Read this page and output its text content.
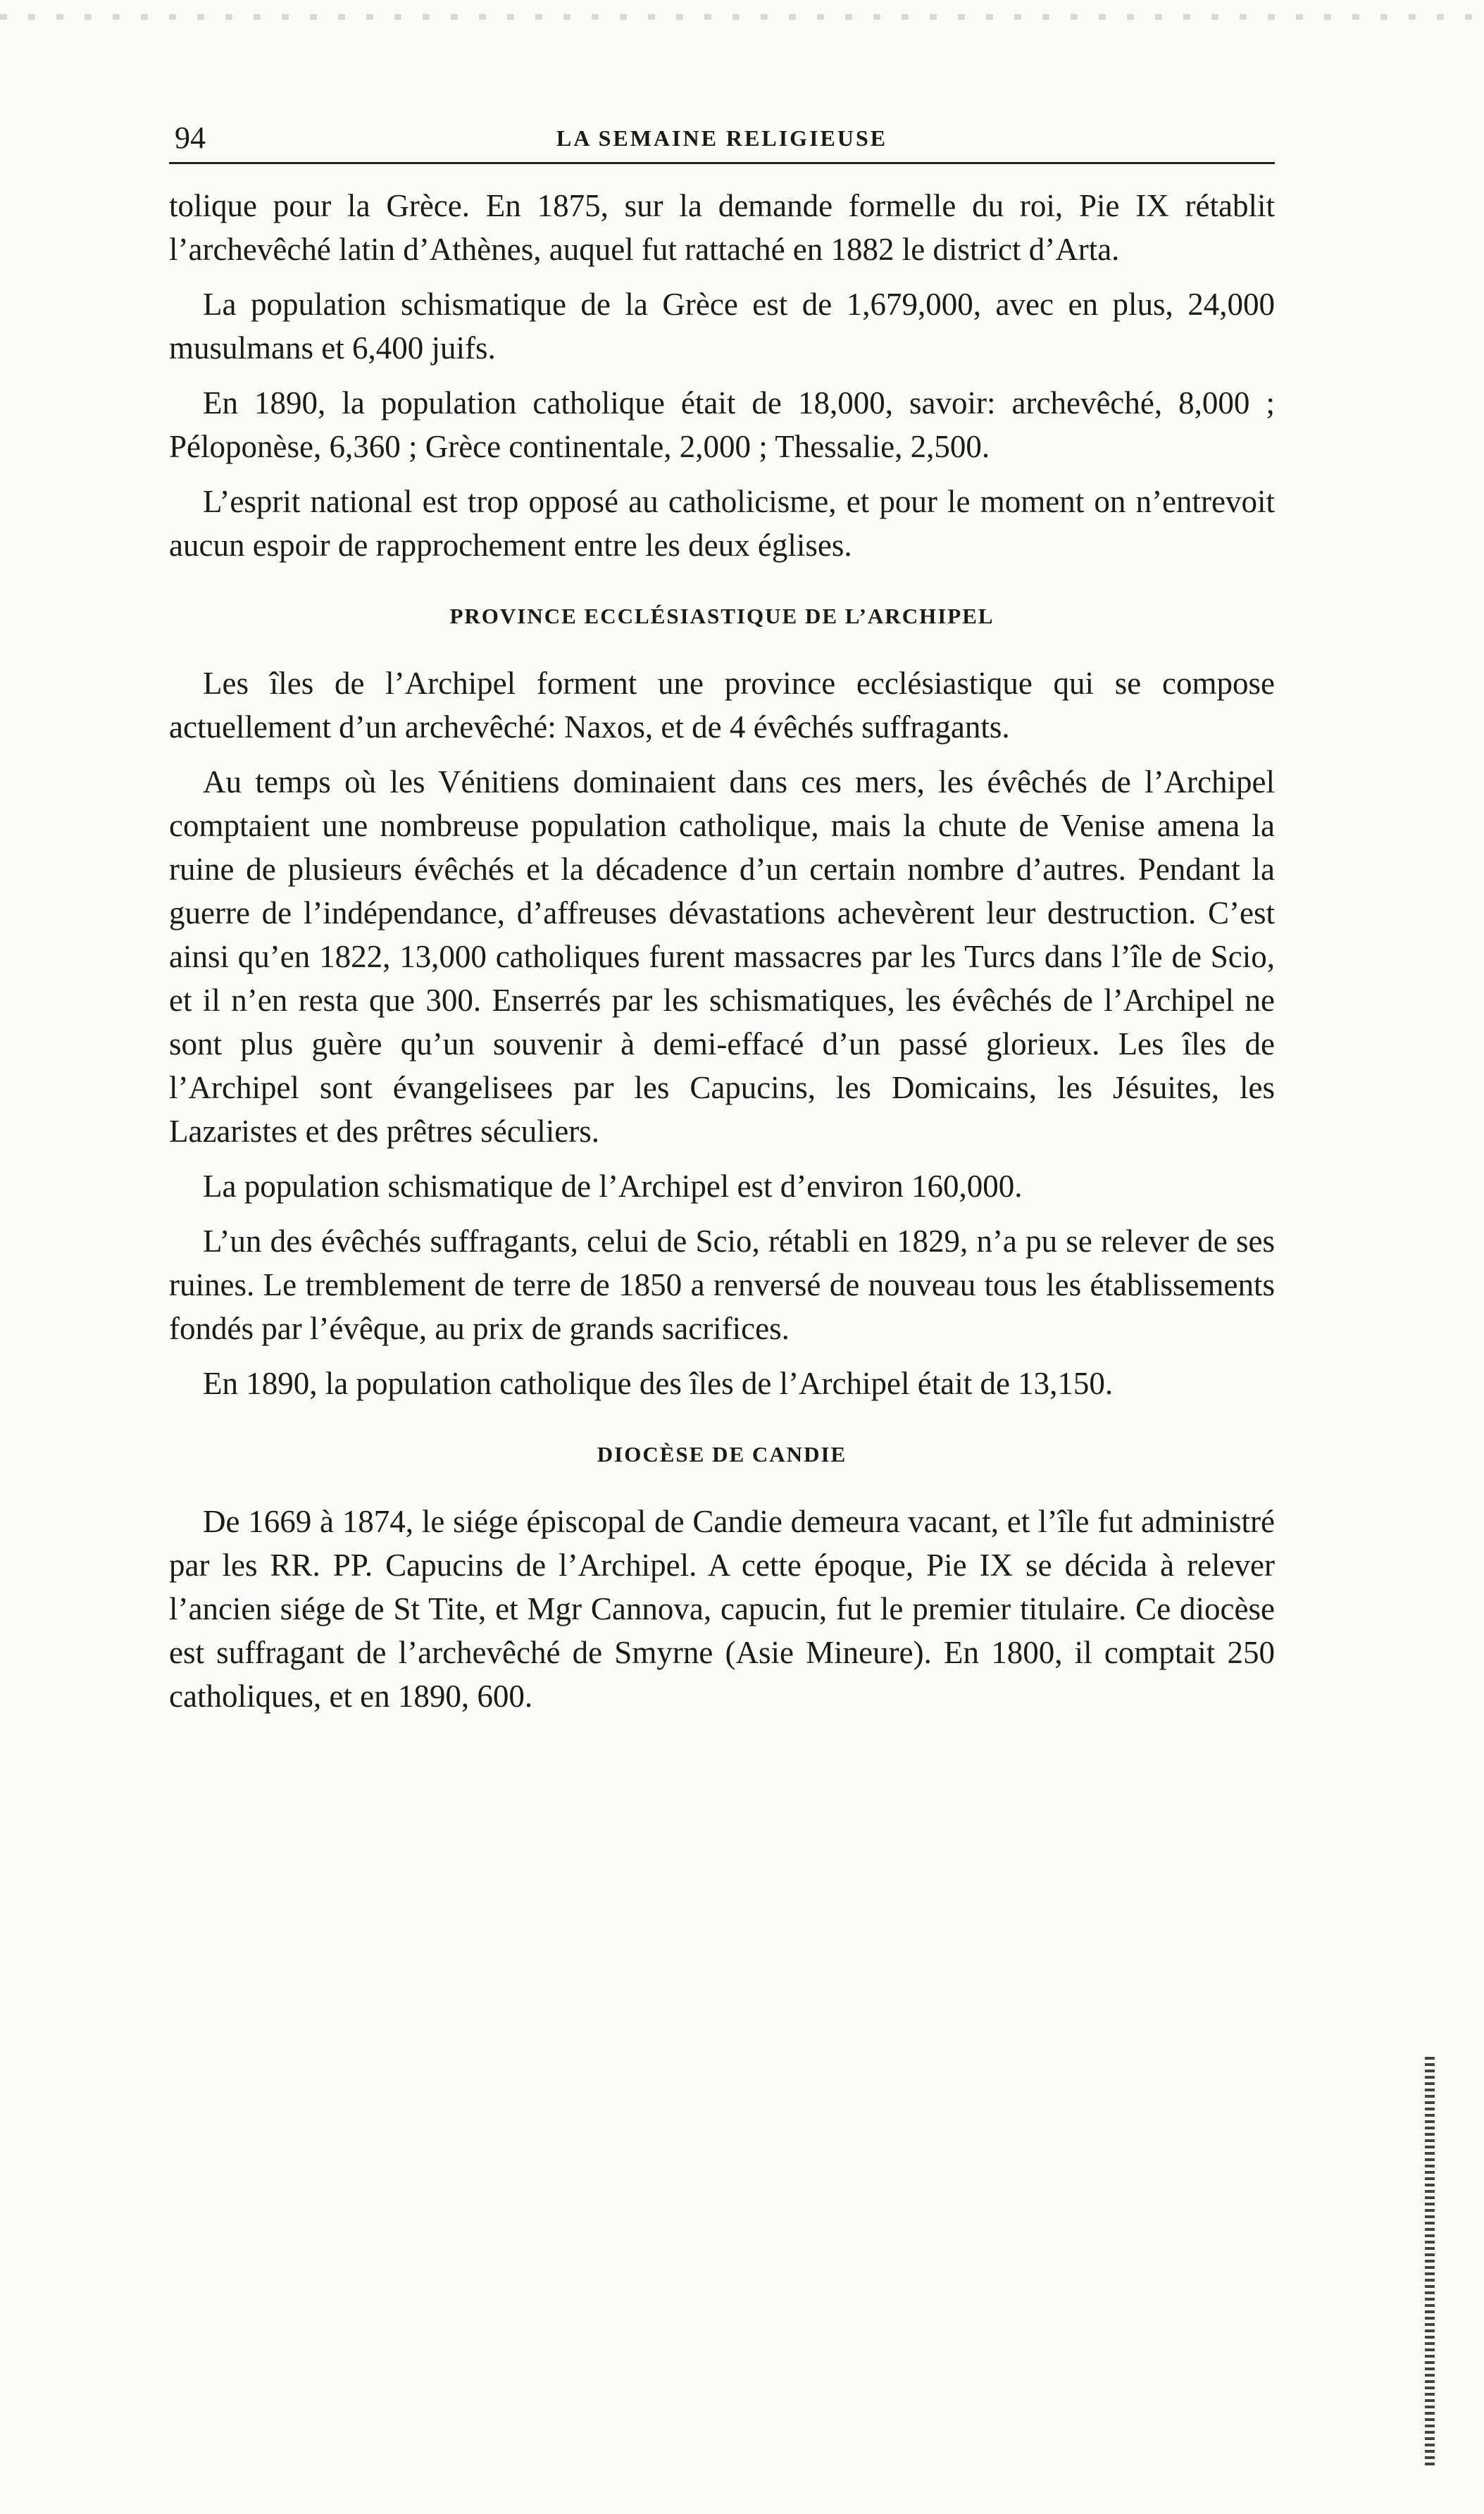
94	LA SEMAINE RELIGIEUSE

tolique pour la Grèce. En 1875, sur la demande formelle du roi, Pie IX rétablit l’archevêché latin d’Athènes, auquel fut rattaché en 1882 le district d’Arta.

La population schismatique de la Grèce est de 1,679,000, avec en plus, 24,000 musulmans et 6,400 juifs.

En 1890, la population catholique était de 18,000, savoir: archevêché, 8,000 ; Péloponèse, 6,360 ; Grèce continentale, 2,000 ; Thessalie, 2,500.

L’esprit national est trop opposé au catholicisme, et pour le moment on n’entrevoit aucun espoir de rapprochement entre les deux églises.

PROVINCE ECCLÉSIASTIQUE DE L’ARCHIPEL

Les îles de l’Archipel forment une province ecclésiastique qui se compose actuellement d’un archevêché: Naxos, et de 4 évêchés suffragants.

Au temps où les Vénitiens dominaient dans ces mers, les évêchés de l’Archipel comptaient une nombreuse population catholique, mais la chute de Venise amena la ruine de plusieurs évêchés et la décadence d’un certain nombre d’autres. Pendant la guerre de l’indépendance, d’affreuses dévastations achevèrent leur destruction. C’est ainsi qu’en 1822, 13,000 catholiques furent massacres par les Turcs dans l’île de Scio, et il n’en resta que 300. Enserrés par les schismatiques, les évêchés de l’Archipel ne sont plus guère qu’un souvenir à demi-effacé d’un passé glorieux. Les îles de l’Archipel sont évangelisees par les Capucins, les Domicains, les Jésuites, les Lazaristes et des prêtres séculiers.

La population schismatique de l’Archipel est d’environ 160,000.

L’un des évêchés suffragants, celui de Scio, rétabli en 1829, n’a pu se relever de ses ruines. Le tremblement de terre de 1850 a renversé de nouveau tous les établissements fondés par l’évêque, au prix de grands sacrifices.

En 1890, la population catholique des îles de l’Archipel était de 13,150.

DIOCÈSE DE CANDIE

De 1669 à 1874, le siége épiscopal de Candie demeura vacant, et l’île fut administré par les RR. PP. Capucins de l’Archipel. A cette époque, Pie IX se décida à relever l’ancien siége de St Tite, et Mgr Cannova, capucin, fut le premier titulaire. Ce diocèse est suffragant de l’archevêché de Smyrne (Asie Mineure). En 1800, il comptait 250 catholiques, et en 1890, 600.
